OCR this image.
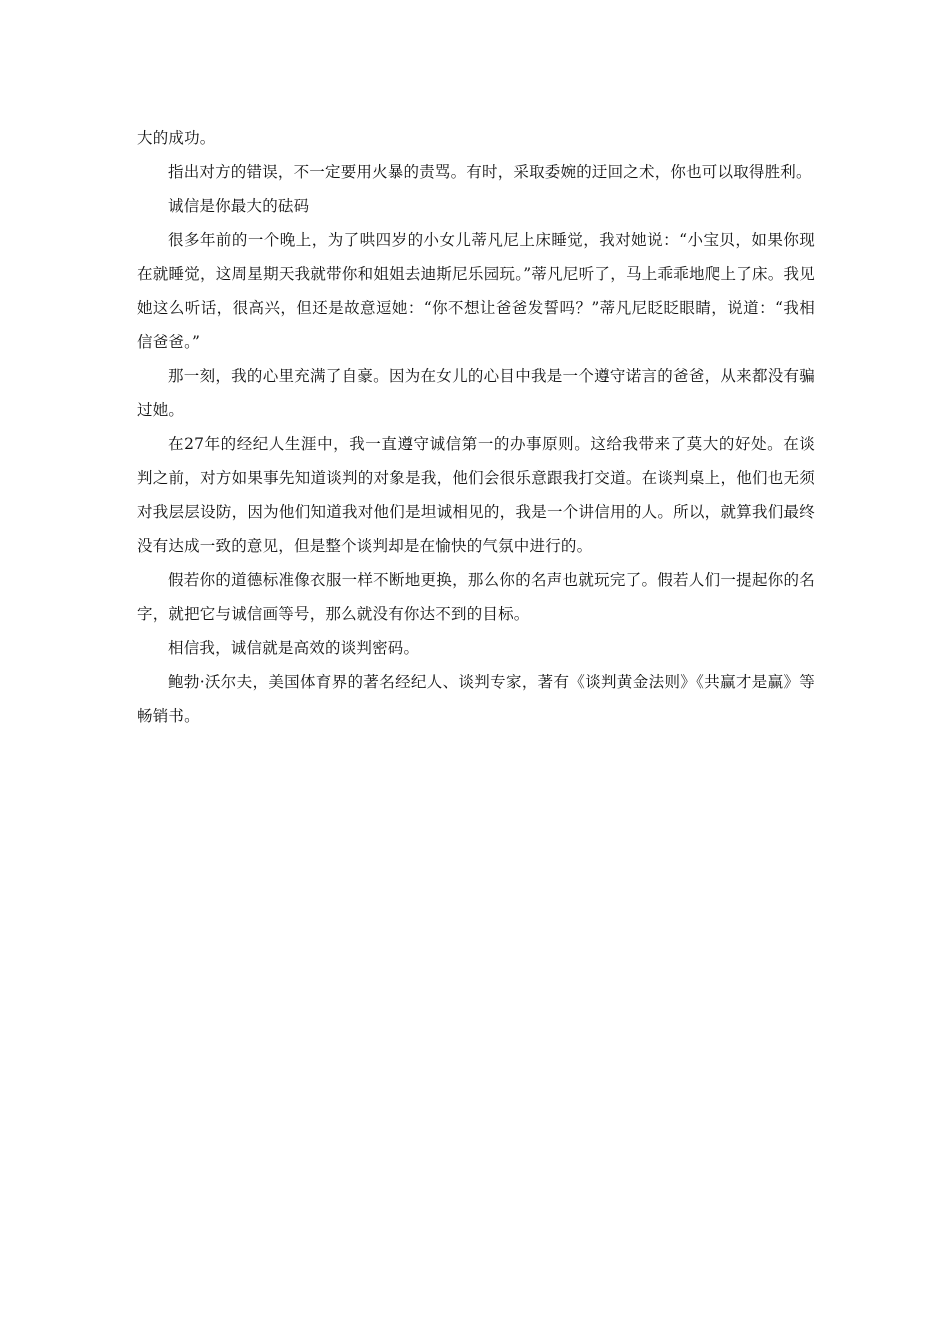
大的成功。

指出对方的错误，不一定要用火暴的责骂。有时，采取委婉的迂回之术，你也可以取得胜利。

诚信是你最大的砝码

很多年前的一个晚上，为了哄四岁的小女儿蒂凡尼上床睡觉，我对她说：“小宝贝，如果你现在就睡觉，这周星期天我就带你和姐姐去迪斯尼乐园玩。”蒂凡尼听了，马上乖乖地爬上了床。我见她这么听话，很高兴，但还是故意逗她：“你不想让爸爸发誓吗？”蒂凡尼眨眨眼睛，说道：“我相信爸爸。”

那一刻，我的心里充满了自豪。因为在女儿的心目中我是一个遵守诺言的爸爸，从来都没有骗过她。

在27年的经纪人生涯中，我一直遵守诚信第一的办事原则。这给我带来了莫大的好处。在谈判之前，对方如果事先知道谈判的对象是我，他们会很乐意跟我打交道。在谈判桌上，他们也无须对我层层设防，因为他们知道我对他们是坦诚相见的，我是一个讲信用的人。所以，就算我们最终没有达成一致的意见，但是整个谈判却是在愉快的气氛中进行的。

假若你的道德标准像衣服一样不断地更换，那么你的名声也就玩完了。假若人们一提起你的名字，就把它与诚信画等号，那么就没有你达不到的目标。

相信我，诚信就是高效的谈判密码。

鲍勃·沃尔夫，美国体育界的著名经纪人、谈判专家，著有《谈判黄金法则》《共赢才是赢》等畅销书。
